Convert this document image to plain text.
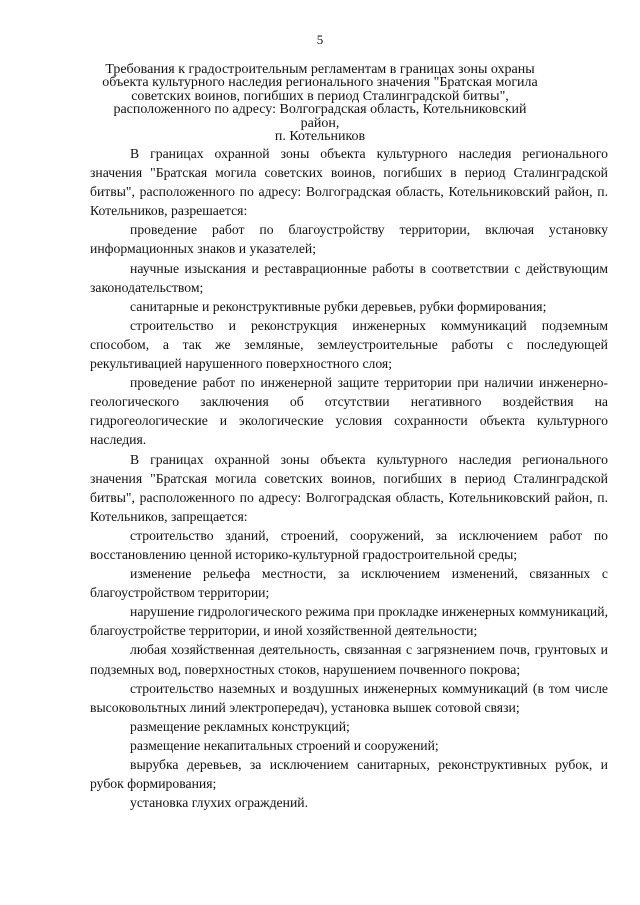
5
Требования к градостроительным регламентам в границах зоны охраны
объекта культурного наследия регионального значения "Братская могила
советских воинов, погибших в период Сталинградской битвы",
расположенного по адресу: Волгоградская область, Котельниковский район,
п. Котельников

В границах охранной зоны объекта культурного наследия регионального значения "Братская могила советских воинов, погибших в период Сталинградской битвы", расположенного по адресу: Волгоградская область, Котельниковский район, п. Котельников, разрешается:

проведение работ по благоустройству территории, включая установку информационных знаков и указателей;

научные изыскания и реставрационные работы в соответствии с действующим законодательством;

санитарные и реконструктивные рубки деревьев, рубки формирования;

строительство и реконструкция инженерных коммуникаций подземным способом, а так же земляные, землеустроительные работы с последующей рекультивацией нарушенного поверхностного слоя;

проведение работ по инженерной защите территории при наличии инженерно-геологического заключения об отсутствии негативного воздействия на гидрогеологические и экологические условия сохранности объекта культурного наследия.

В границах охранной зоны объекта культурного наследия регионального значения "Братская могила советских воинов, погибших в период Сталинградской битвы", расположенного по адресу: Волгоградская область, Котельниковский район, п. Котельников, запрещается:

строительство зданий, строений, сооружений, за исключением работ по восстановлению ценной историко-культурной градостроительной среды;

изменение рельефа местности, за исключением изменений, связанных с благоустройством территории;

нарушение гидрологического режима при прокладке инженерных коммуникаций, благоустройстве территории, и иной хозяйственной деятельности;

любая хозяйственная деятельность, связанная с загрязнением почв, грунтовых и подземных вод, поверхностных стоков, нарушением почвенного покрова;

строительство наземных и воздушных инженерных коммуникаций (в том числе высоковольтных линий электропередач), установка вышек сотовой связи;

размещение рекламных конструкций;

размещение некапитальных строений и сооружений;

вырубка деревьев, за исключением санитарных, реконструктивных рубок, и рубок формирования;

установка глухих ограждений.
